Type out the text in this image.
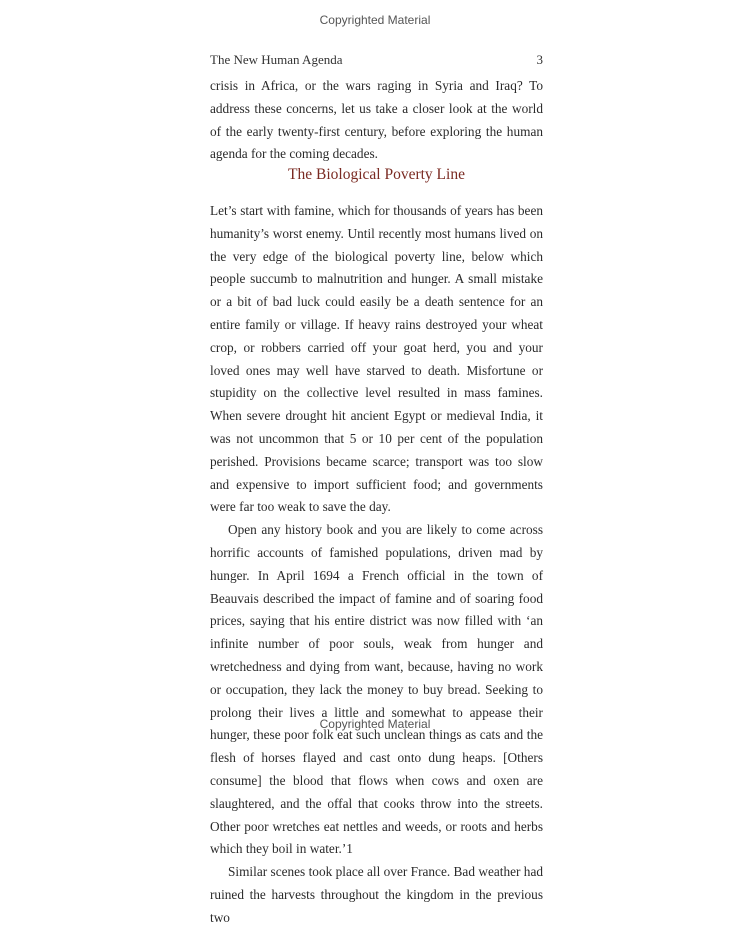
Copyrighted Material
The New Human Agenda	3

crisis in Africa, or the wars raging in Syria and Iraq? To address these concerns, let us take a closer look at the world of the early twenty-first century, before exploring the human agenda for the coming decades.

The Biological Poverty Line

Let’s start with famine, which for thousands of years has been humanity’s worst enemy. Until recently most humans lived on the very edge of the biological poverty line, below which people succumb to malnutrition and hunger. A small mistake or a bit of bad luck could easily be a death sentence for an entire family or village. If heavy rains destroyed your wheat crop, or robbers carried off your goat herd, you and your loved ones may well have starved to death. Misfortune or stupidity on the collective level resulted in mass famines. When severe drought hit ancient Egypt or medieval India, it was not uncommon that 5 or 10 per cent of the population perished. Provisions became scarce; transport was too slow and expensive to import sufficient food; and governments were far too weak to save the day.

Open any history book and you are likely to come across horrific accounts of famished populations, driven mad by hunger. In April 1694 a French official in the town of Beauvais described the impact of famine and of soaring food prices, saying that his entire district was now filled with ‘an infinite number of poor souls, weak from hunger and wretchedness and dying from want, because, having no work or occupation, they lack the money to buy bread. Seeking to prolong their lives a little and somewhat to appease their hunger, these poor folk eat such unclean things as cats and the flesh of horses flayed and cast onto dung heaps. [Others consume] the blood that flows when cows and oxen are slaughtered, and the offal that cooks throw into the streets. Other poor wretches eat nettles and weeds, or roots and herbs which they boil in water.’1

Similar scenes took place all over France. Bad weather had ruined the harvests throughout the kingdom in the previous two

Copyrighted Material
